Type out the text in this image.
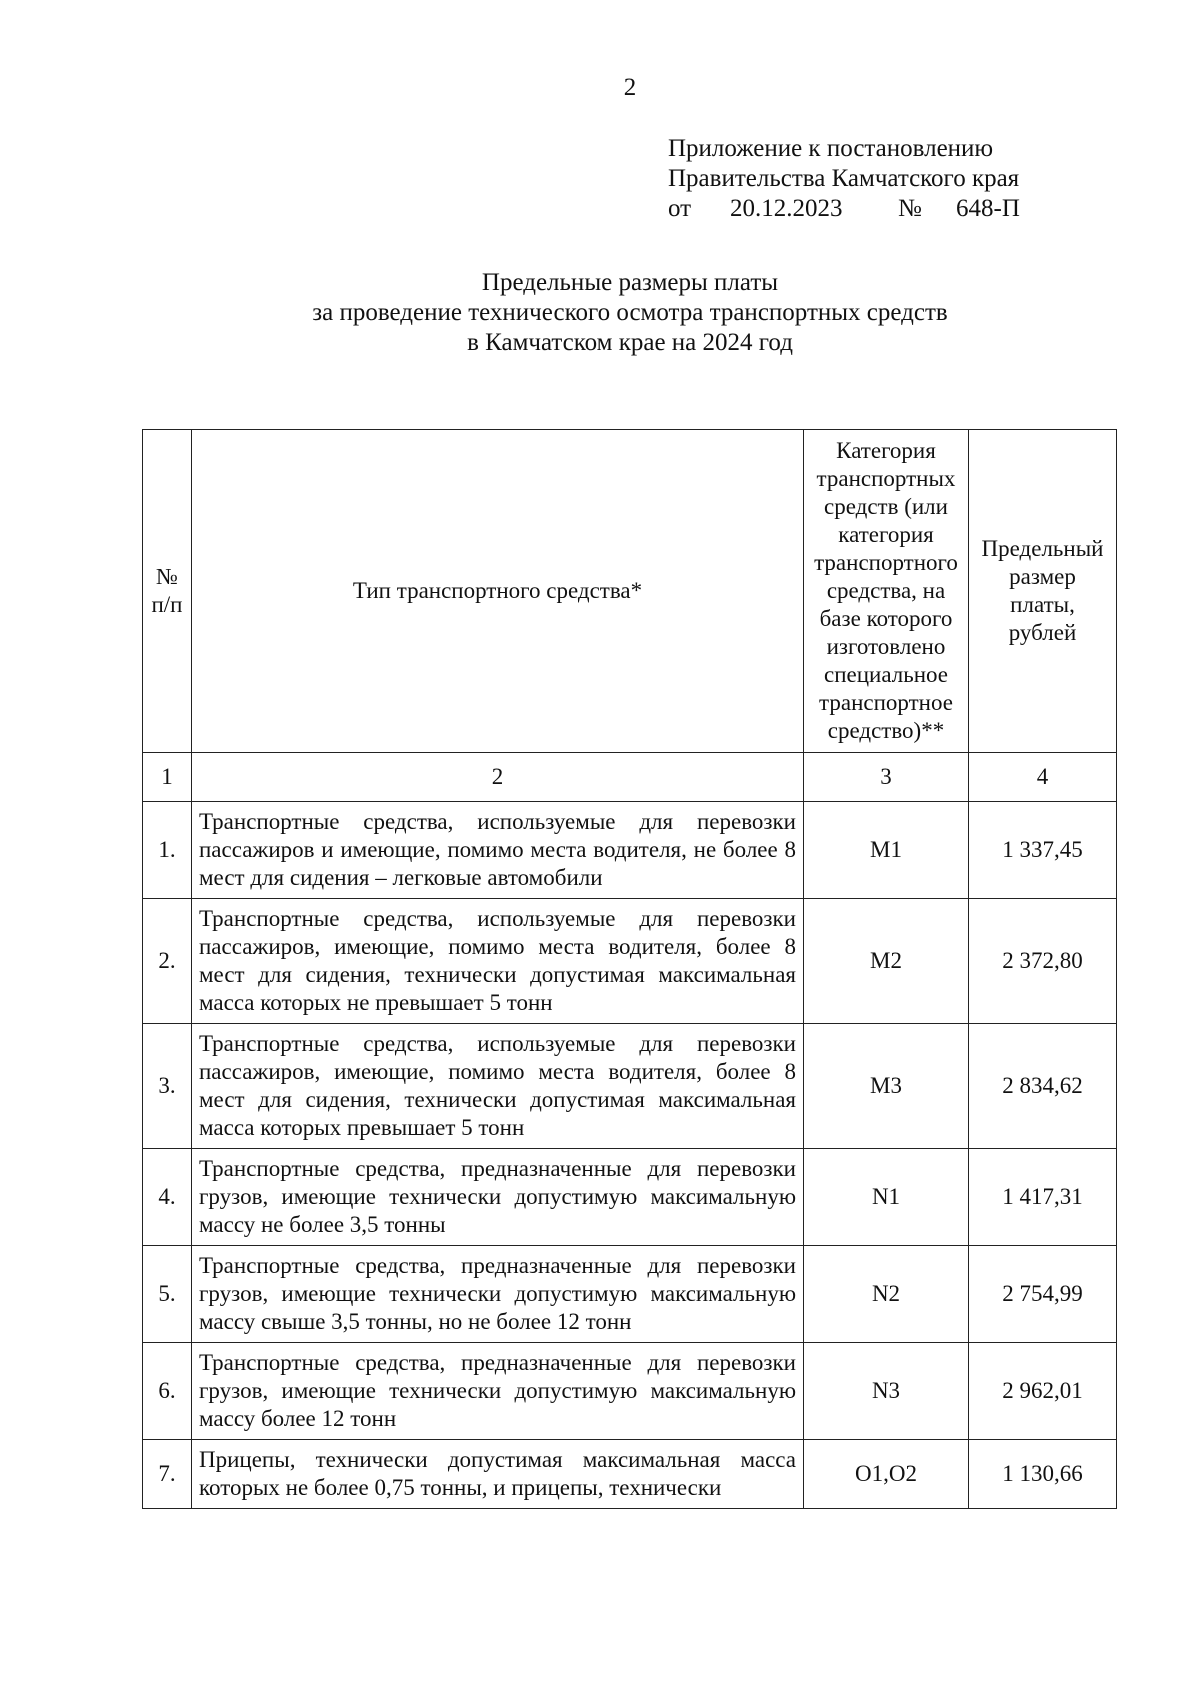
2
Приложение к постановлению
Правительства Камчатского края
от 20.12.2023 № 648-П
Предельные размеры платы
за проведение технического осмотра транспортных средств
в Камчатском крае на 2024 год
№ п/п	Тип транспортного средства*	Категория транспортных средств (или категория транспортного средства, на базе которого изготовлено специальное транспортное средство)**	Предельный размер платы, рублей
1	2	3	4
1.	Транспортные средства, используемые для перевозки пассажиров и имеющие, помимо места водителя, не более 8 мест для сидения – легковые автомобили	M1	1 337,45
2.	Транспортные средства, используемые для перевозки пассажиров, имеющие, помимо места водителя, более 8 мест для сидения, технически допустимая максимальная масса которых не превышает 5 тонн	M2	2 372,80
3.	Транспортные средства, используемые для перевозки пассажиров, имеющие, помимо места водителя, более 8 мест для сидения, технически допустимая максимальная масса которых превышает 5 тонн	M3	2 834,62
4.	Транспортные средства, предназначенные для перевозки грузов, имеющие технически допустимую максимальную массу не более 3,5 тонны	N1	1 417,31
5.	Транспортные средства, предназначенные для перевозки грузов, имеющие технически допустимую максимальную массу свыше 3,5 тонны, но не более 12 тонн	N2	2 754,99
6.	Транспортные средства, предназначенные для перевозки грузов, имеющие технически допустимую максимальную массу более 12 тонн	N3	2 962,01
7.	Прицепы, технически допустимая максимальная масса которых не более 0,75 тонны, и прицепы, технически	O1,O2	1 130,66
